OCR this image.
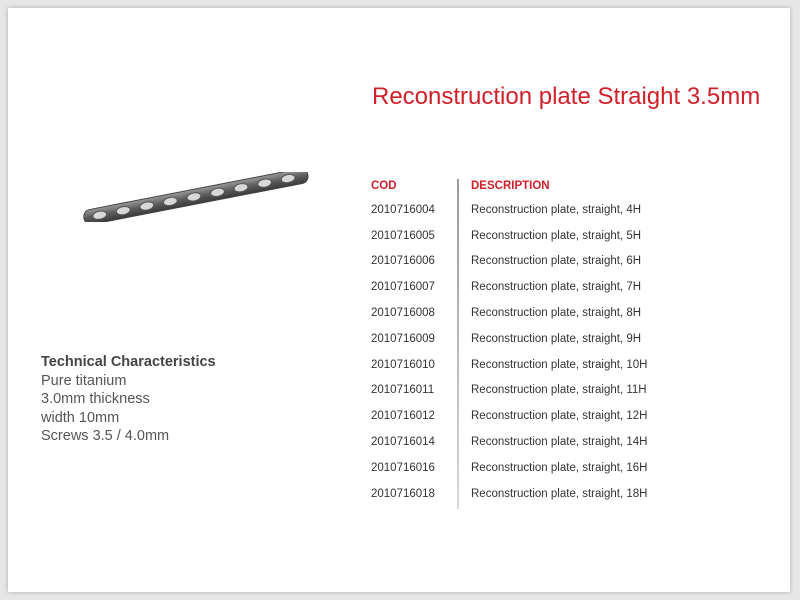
Reconstruction plate Straight 3.5mm
Technical Characteristics
Pure titanium
3.0mm thickness
width 10mm
Screws 3.5 / 4.0mm
COD	DESCRIPTION
2010716004	Reconstruction plate, straight, 4H
2010716005	Reconstruction plate, straight, 5H
2010716006	Reconstruction plate, straight, 6H
2010716007	Reconstruction plate, straight, 7H
2010716008	Reconstruction plate, straight, 8H
2010716009	Reconstruction plate, straight, 9H
2010716010	Reconstruction plate, straight, 10H
2010716011	Reconstruction plate, straight, 11H
2010716012	Reconstruction plate, straight, 12H
2010716014	Reconstruction plate, straight, 14H
2010716016	Reconstruction plate, straight, 16H
2010716018	Reconstruction plate, straight, 18H
